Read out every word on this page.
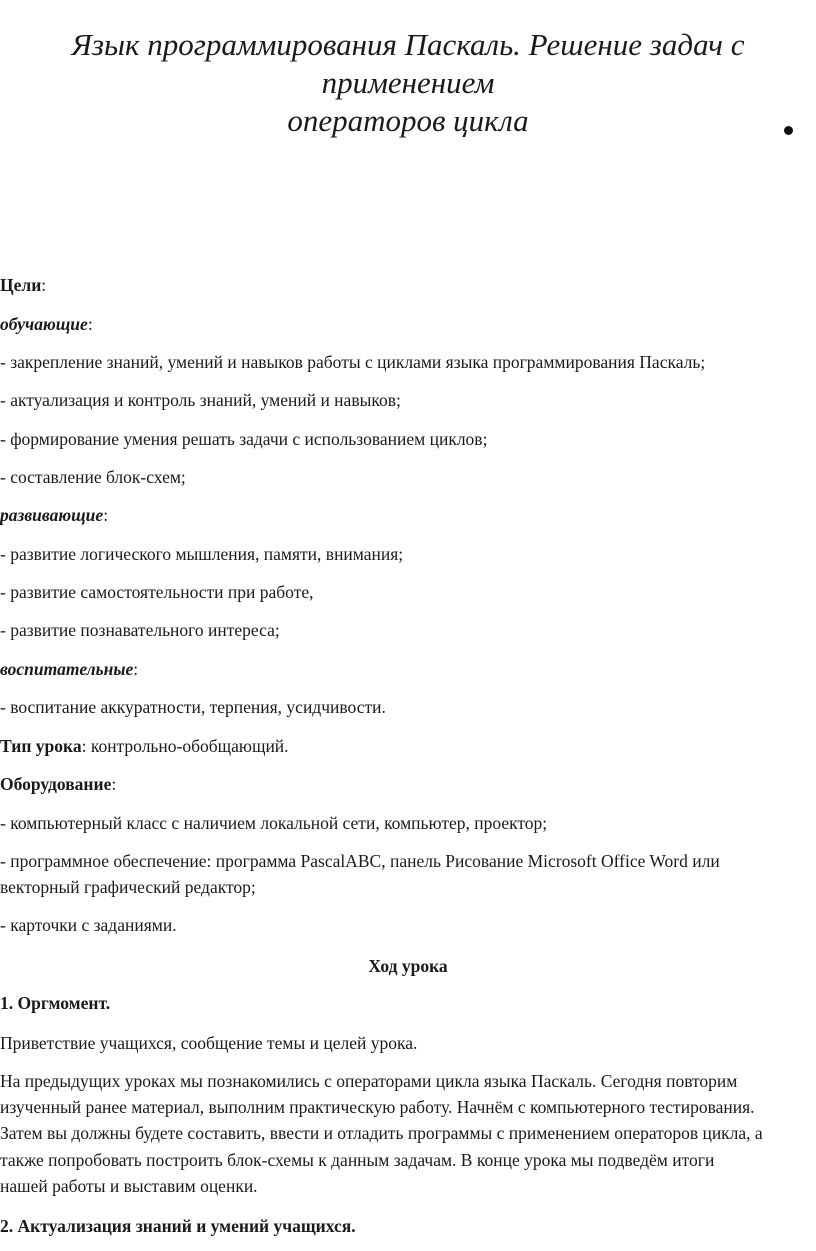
Язык программирования Паскаль. Решение задач с применением
операторов цикла
Цели:
обучающие:
- закрепление знаний, умений и навыков работы с циклами языка программирования Паскаль;
- актуализация и контроль знаний, умений и навыков;
- формирование умения решать задачи с использованием циклов;
- составление блок-схем;
развивающие:
- развитие логического мышления, памяти, внимания;
- развитие самостоятельности при работе,
- развитие познавательного интереса;
воспитательные:
- воспитание аккуратности, терпения, усидчивости.
Тип урока: контрольно-обобщающий.
Оборудование:
- компьютерный класс с наличием локальной сети, компьютер, проектор;
- программное обеспечение: программа PascalABC, панель Рисование Microsoft Office Word или
векторный графический редактор;
- карточки с заданиями.
Ход урока
1. Оргмомент.
Приветствие учащихся, сообщение темы и целей урока.
На предыдущих уроках мы познакомились с операторами цикла языка Паскаль. Сегодня повторим
изученный ранее материал, выполним практическую работу. Начнём с компьютерного тестирования.
Затем вы должны будете составить, ввести и отладить программы с применением операторов цикла, а
также попробовать построить блок-схемы к данным задачам. В конце урока мы подведём итоги
нашей работы и выставим оценки.
2. Актуализация знаний и умений учащихся.
